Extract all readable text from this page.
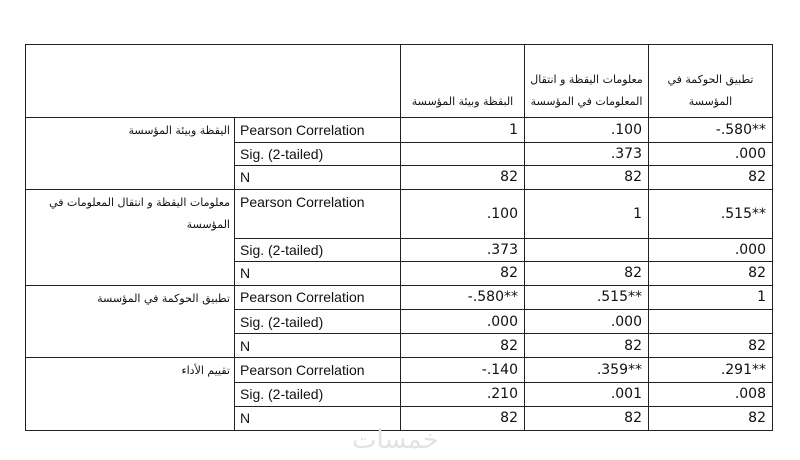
		البقظة وبيئة المؤسسة	معلومات اليقظة و انتقال المعلومات في المؤسسة	تطبيق الحوكمة في المؤسسة
اليقظة وبيئة المؤسسة	Pearson Correlation	1	.100	-.580**
	Sig. (2-tailed)		.373	.000
	N	82	82	82
معلومات اليقظة و انتقال المعلومات في المؤسسة	Pearson Correlation	.100	1	.515**
	Sig. (2-tailed)	.373		.000
	N	82	82	82
تطبيق الحوكمة في المؤسسة	Pearson Correlation	-.580**	.515**	1
	Sig. (2-tailed)	.000	.000	
	N	82	82	82
تقييم الأداء	Pearson Correlation	-.140	.359**	.291**
	Sig. (2-tailed)	.210	.001	.008
	N	82	82	82
خمسات
